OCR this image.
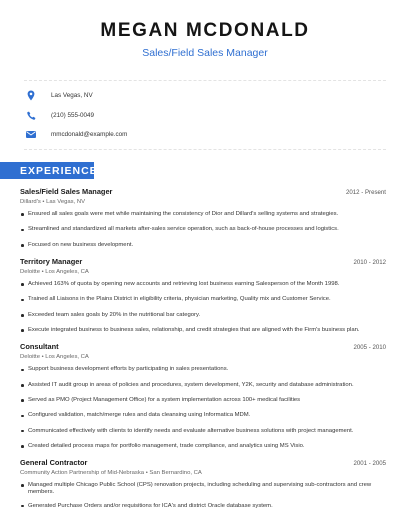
MEGAN MCDONALD
Sales/Field Sales Manager
Las Vegas, NV
(210) 555-0049
mmcdonald@example.com
EXPERIENCE
Sales/Field Sales Manager	2012 - Present
Dillard's • Las Vegas, NV
Ensured all sales goals were met while maintaining the consistency of Dior and Dillard's selling systems and strategies.
Streamlined and standardized all markets after-sales service operation, such as back-of-house processes and logistics.
Focused on new business development.
Territory Manager	2010 - 2012
Deloitte • Los Angeles, CA
Achieved 163% of quota by opening new accounts and retrieving lost business earning Salesperson of the Month 1998.
Trained all Liaisons in the Plains District in eligibility criteria, physician marketing, Quality mix and Customer Service.
Exceeded team sales goals by 20% in the nutritional bar category.
Execute integrated business to business sales, relationship, and credit strategies that are aligned with the Firm's business plan.
Consultant	2005 - 2010
Deloitte • Los Angeles, CA
Support business development efforts by participating in sales presentations.
Assisted IT audit group in areas of policies and procedures, system development, Y2K, security and database administration.
Served as PMO (Project Management Office) for a system implementation across 100+ medical facilities
Configured validation, match/merge rules and data cleansing using Informatica MDM.
Communicated effectively with clients to identify needs and evaluate alternative business solutions with project management.
Created detailed process maps for portfolio management, trade compliance, and analytics using MS Visio.
General Contractor	2001 - 2005
Community Action Partnership of Mid-Nebraska • San Bernardino, CA
Managed multiple Chicago Public School (CPS) renovation projects, including scheduling and supervising sub-contractors and crew members.
Generated Purchase Orders and/or requisitions for ICA's and district Oracle database system.
